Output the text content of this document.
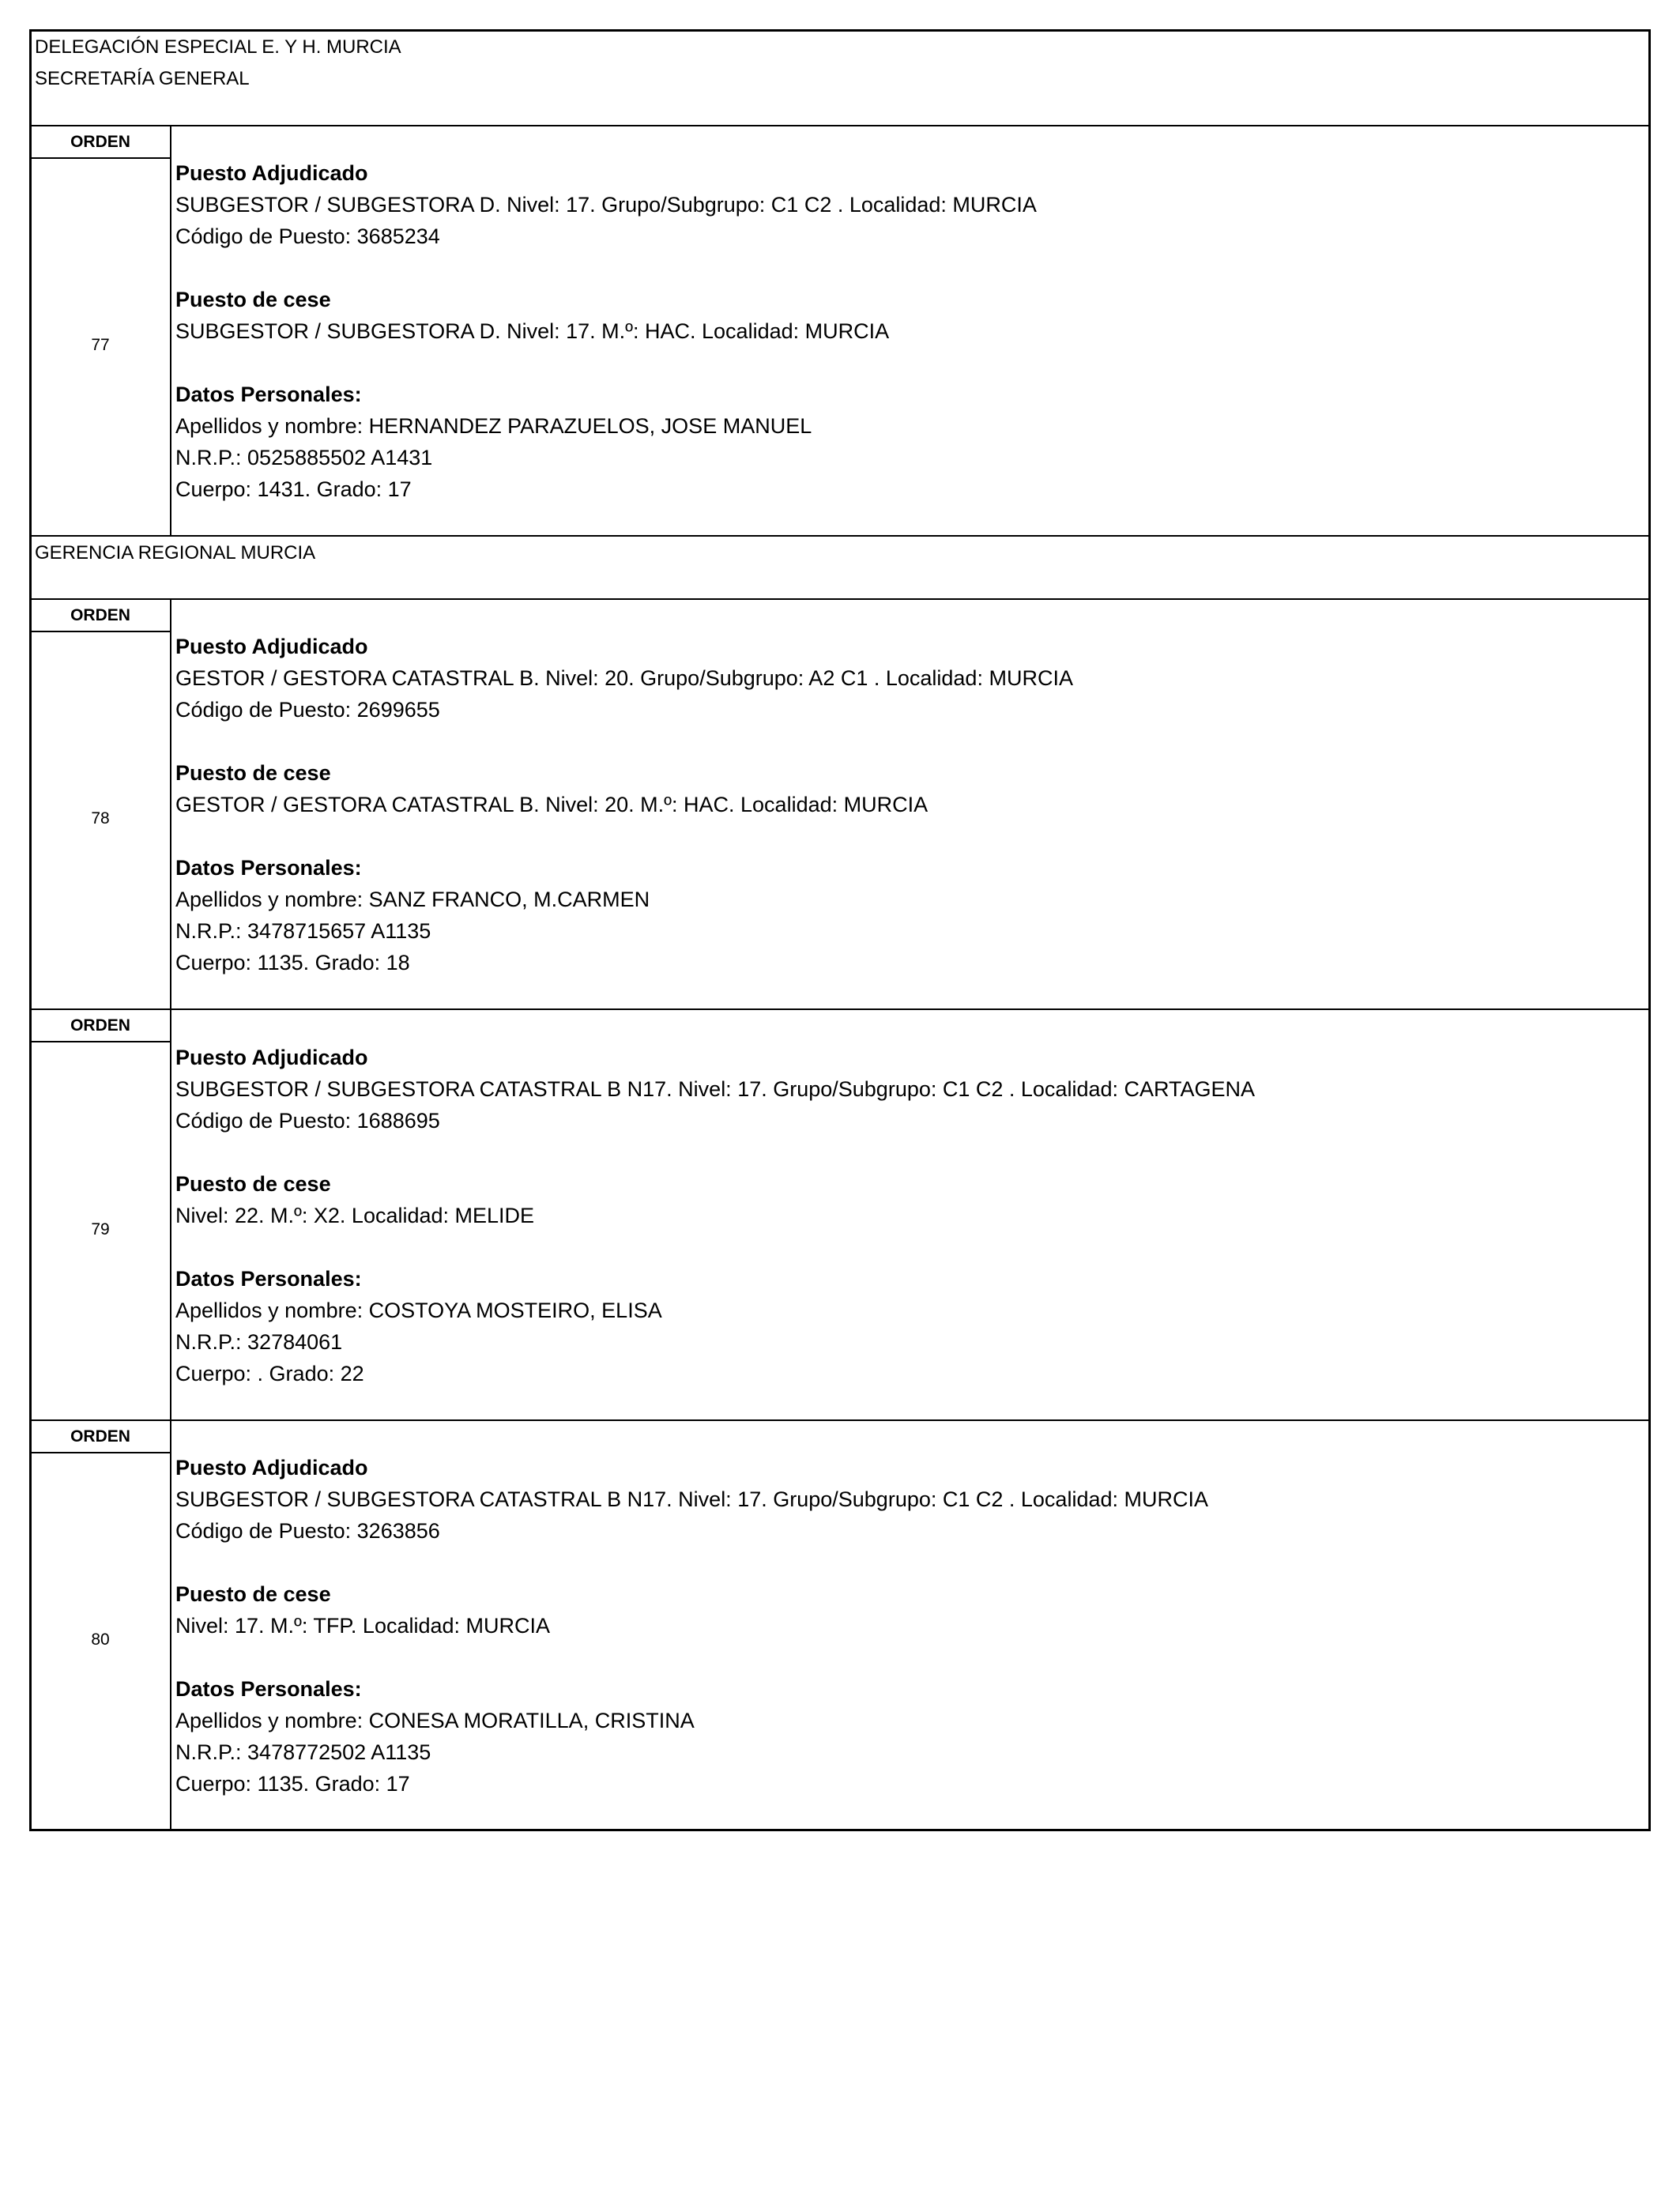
DELEGACIÓN ESPECIAL E. Y H. MURCIA
SECRETARÍA GENERAL
GERENCIA REGIONAL MURCIA
ORDEN
77
Puesto Adjudicado
SUBGESTOR / SUBGESTORA D. Nivel: 17. Grupo/Subgrupo: C1 C2 . Localidad: MURCIA
Código de Puesto: 3685234
Puesto de cese
SUBGESTOR / SUBGESTORA D. Nivel: 17. M.º: HAC. Localidad: MURCIA
Datos Personales:
Apellidos y nombre: HERNANDEZ PARAZUELOS, JOSE MANUEL
N.R.P.: 0525885502 A1431
Cuerpo: 1431. Grado: 17
ORDEN
78
Puesto Adjudicado
GESTOR / GESTORA CATASTRAL B. Nivel: 20. Grupo/Subgrupo: A2 C1 . Localidad: MURCIA
Código de Puesto: 2699655
Puesto de cese
GESTOR / GESTORA CATASTRAL B. Nivel: 20. M.º: HAC. Localidad: MURCIA
Datos Personales:
Apellidos y nombre: SANZ FRANCO, M.CARMEN
N.R.P.: 3478715657 A1135
Cuerpo: 1135. Grado: 18
ORDEN
79
Puesto Adjudicado
SUBGESTOR / SUBGESTORA CATASTRAL B N17. Nivel: 17. Grupo/Subgrupo: C1 C2 . Localidad: CARTAGENA
Código de Puesto: 1688695
Puesto de cese
Nivel: 22. M.º: X2. Localidad: MELIDE
Datos Personales:
Apellidos y nombre: COSTOYA MOSTEIRO, ELISA
N.R.P.: 32784061
Cuerpo: . Grado: 22
ORDEN
80
Puesto Adjudicado
SUBGESTOR / SUBGESTORA CATASTRAL B N17. Nivel: 17. Grupo/Subgrupo: C1 C2 . Localidad: MURCIA
Código de Puesto: 3263856
Puesto de cese
Nivel: 17. M.º: TFP. Localidad: MURCIA
Datos Personales:
Apellidos y nombre: CONESA MORATILLA, CRISTINA
N.R.P.: 3478772502 A1135
Cuerpo: 1135. Grado: 17
